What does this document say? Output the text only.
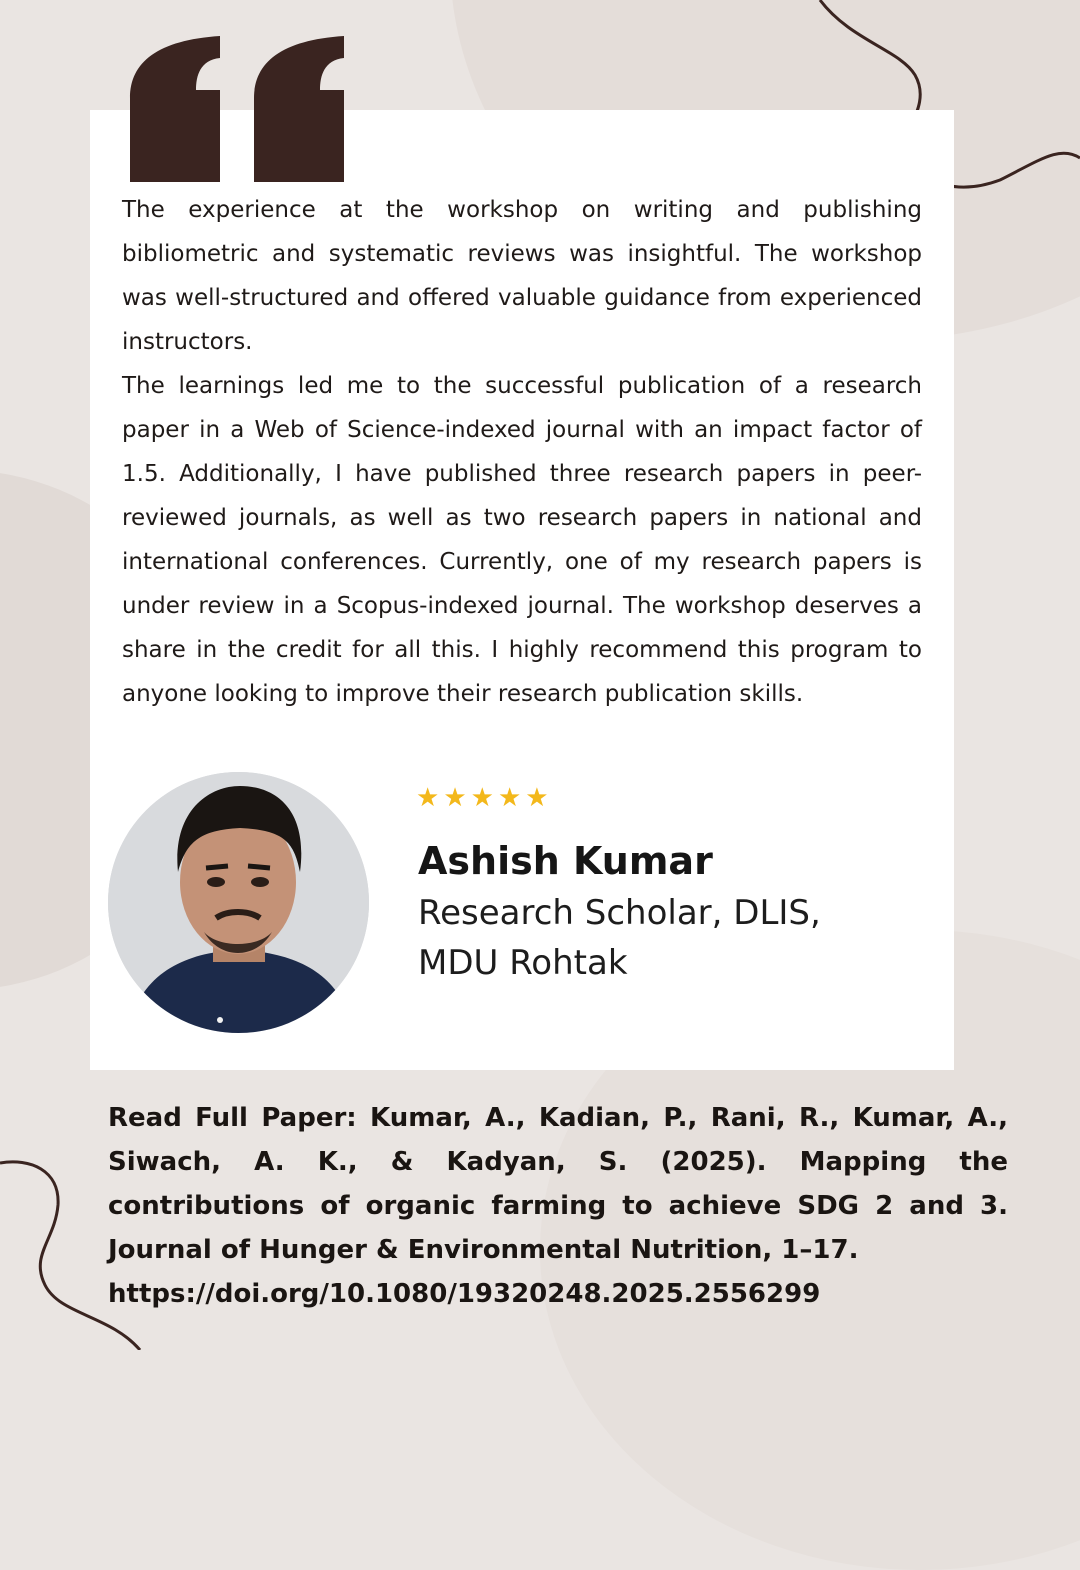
The experience at the workshop on writing and publishing bibliometric and systematic reviews was insightful. The workshop was well-structured and offered valuable guidance from experienced instructors.

The learnings led me to the successful publication of a research paper in a Web of Science-indexed journal with an impact factor of 1.5. Additionally, I have published three research papers in peer-reviewed journals, as well as two research papers in national and international conferences. Currently, one of my research papers is under review in a Scopus-indexed journal. The workshop deserves a share in the credit for all this. I highly recommend this program to anyone looking to improve their research publication skills.

★ ★ ★ ★ ★
Ashish Kumar
Research Scholar, DLIS,
MDU Rohtak
Read Full Paper: Kumar, A., Kadian, P., Rani, R., Kumar, A., Siwach, A. K., & Kadyan, S. (2025). Mapping the contributions of organic farming to achieve SDG 2 and 3. Journal of Hunger & Environmental Nutrition, 1–17.
https://doi.org/10.1080/19320248.2025.2556299
